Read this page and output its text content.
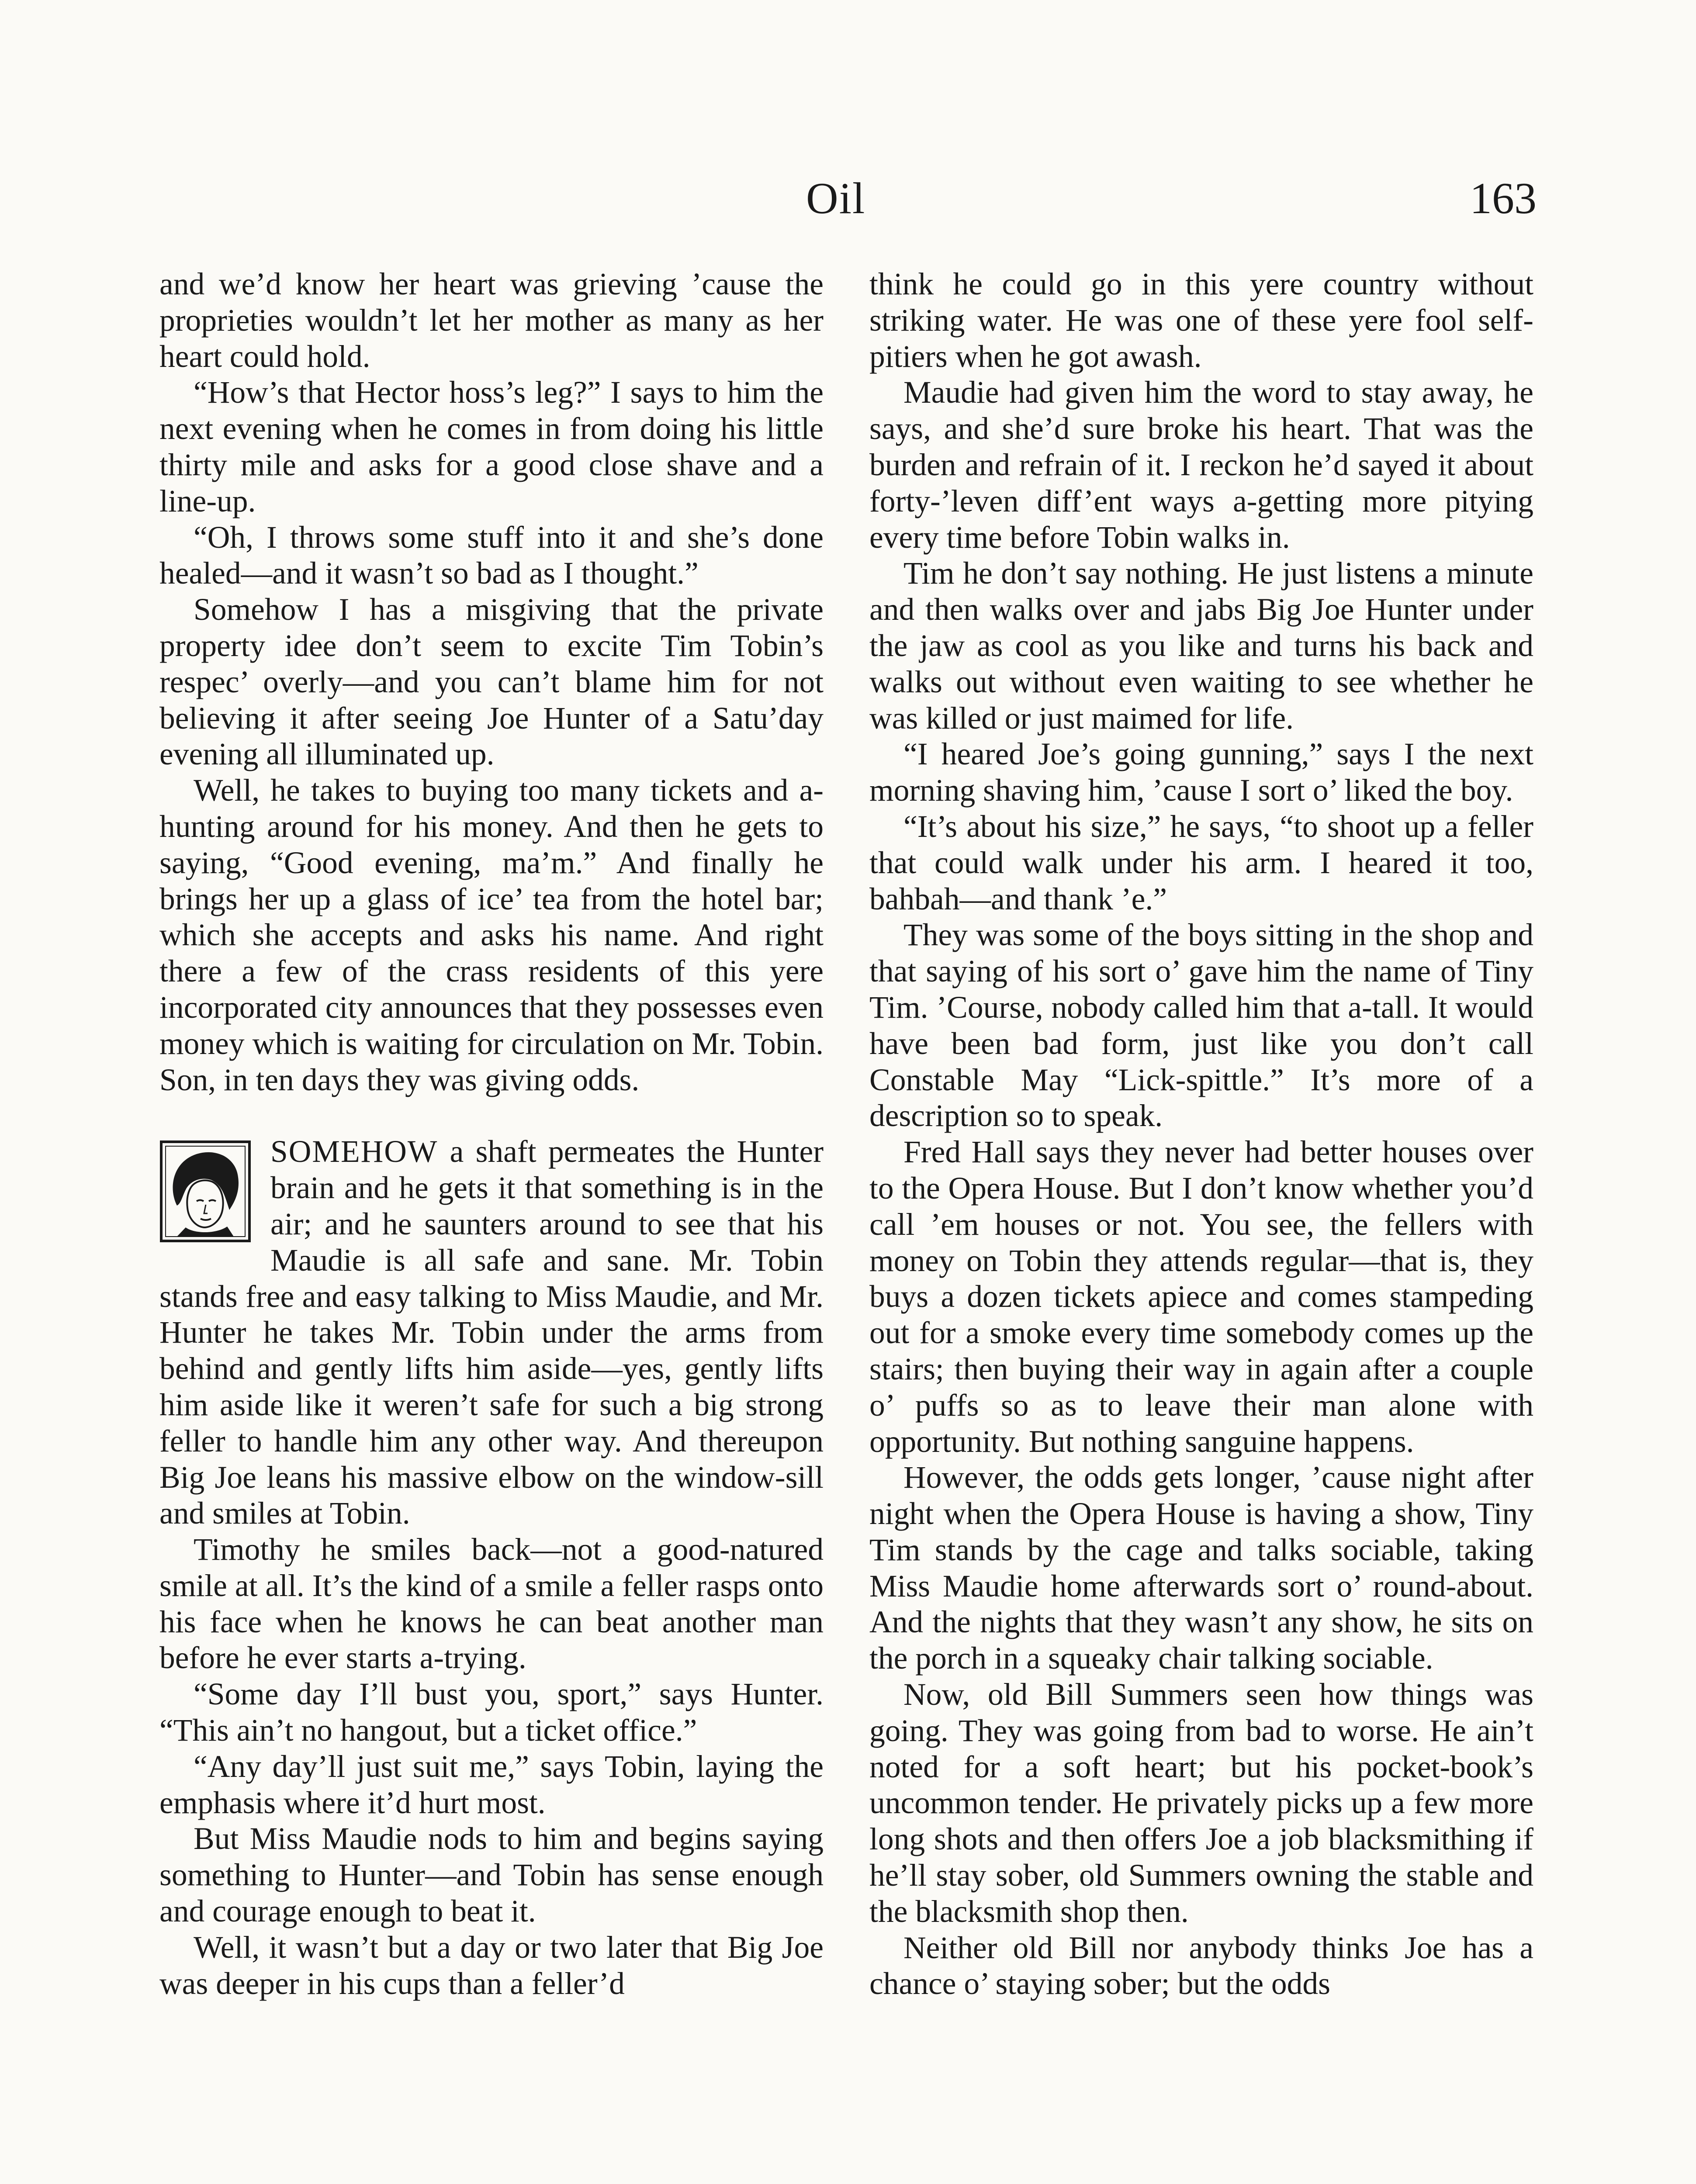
Oil	163

and we’d know her heart was grieving ’cause the proprieties wouldn’t let her mother as many as her heart could hold.

“How’s that Hector hoss’s leg?” I says to him the next evening when he comes in from doing his little thirty mile and asks for a good close shave and a line-up.

“Oh, I throws some stuff into it and she’s done healed—and it wasn’t so bad as I thought.”

Somehow I has a misgiving that the private property idee don’t seem to excite Tim Tobin’s respec’ overly—and you can’t blame him for not believing it after seeing Joe Hunter of a Satu’day evening all illuminated up.

Well, he takes to buying too many tickets and a-hunting around for his money. And then he gets to saying, “Good evening, ma’m.” And finally he brings her up a glass of ice’ tea from the hotel bar; which she accepts and asks his name. And right there a few of the crass residents of this yere incorporated city announces that they possesses even money which is waiting for circulation on Mr. Tobin. Son, in ten days they was giving odds.

SOMEHOW a shaft permeates the Hunter brain and he gets it that something is in the air; and he saunters around to see that his Maudie is all safe and sane. Mr. Tobin stands free and easy talking to Miss Maudie, and Mr. Hunter he takes Mr. Tobin under the arms from behind and gently lifts him aside—yes, gently lifts him aside like it weren’t safe for such a big strong feller to handle him any other way. And thereupon Big Joe leans his massive elbow on the window-sill and smiles at Tobin.

Timothy he smiles back—not a good-natured smile at all. It’s the kind of a smile a feller rasps onto his face when he knows he can beat another man before he ever starts a-trying.

“Some day I’ll bust you, sport,” says Hunter. “This ain’t no hangout, but a ticket office.”

“Any day’ll just suit me,” says Tobin, laying the emphasis where it’d hurt most.

But Miss Maudie nods to him and begins saying something to Hunter—and Tobin has sense enough and courage enough to beat it.

Well, it wasn’t but a day or two later that Big Joe was deeper in his cups than a feller’d

think he could go in this yere country without striking water. He was one of these yere fool self-pitiers when he got awash.

Maudie had given him the word to stay away, he says, and she’d sure broke his heart. That was the burden and refrain of it. I reckon he’d sayed it about forty-’leven diff’ent ways a-getting more pitying every time before Tobin walks in.

Tim he don’t say nothing. He just listens a minute and then walks over and jabs Big Joe Hunter under the jaw as cool as you like and turns his back and walks out without even waiting to see whether he was killed or just maimed for life.

“I heared Joe’s going gunning,” says I the next morning shaving him, ’cause I sort o’ liked the boy.

“It’s about his size,” he says, “to shoot up a feller that could walk under his arm. I heared it too, bahbah—and thank ’e.”

They was some of the boys sitting in the shop and that saying of his sort o’ gave him the name of Tiny Tim. ’Course, nobody called him that a-tall. It would have been bad form, just like you don’t call Constable May “Lick-spittle.” It’s more of a description so to speak.

Fred Hall says they never had better houses over to the Opera House. But I don’t know whether you’d call ’em houses or not. You see, the fellers with money on Tobin they attends regular—that is, they buys a dozen tickets apiece and comes stampeding out for a smoke every time somebody comes up the stairs; then buying their way in again after a couple o’ puffs so as to leave their man alone with opportunity. But nothing sanguine happens.

However, the odds gets longer, ’cause night after night when the Opera House is having a show, Tiny Tim stands by the cage and talks sociable, taking Miss Maudie home afterwards sort o’ round-about. And the nights that they wasn’t any show, he sits on the porch in a squeaky chair talking sociable.

Now, old Bill Summers seen how things was going. They was going from bad to worse. He ain’t noted for a soft heart; but his pocket-book’s uncommon tender. He privately picks up a few more long shots and then offers Joe a job blacksmithing if he’ll stay sober, old Summers owning the stable and the blacksmith shop then.

Neither old Bill nor anybody thinks Joe has a chance o’ staying sober; but the odds
